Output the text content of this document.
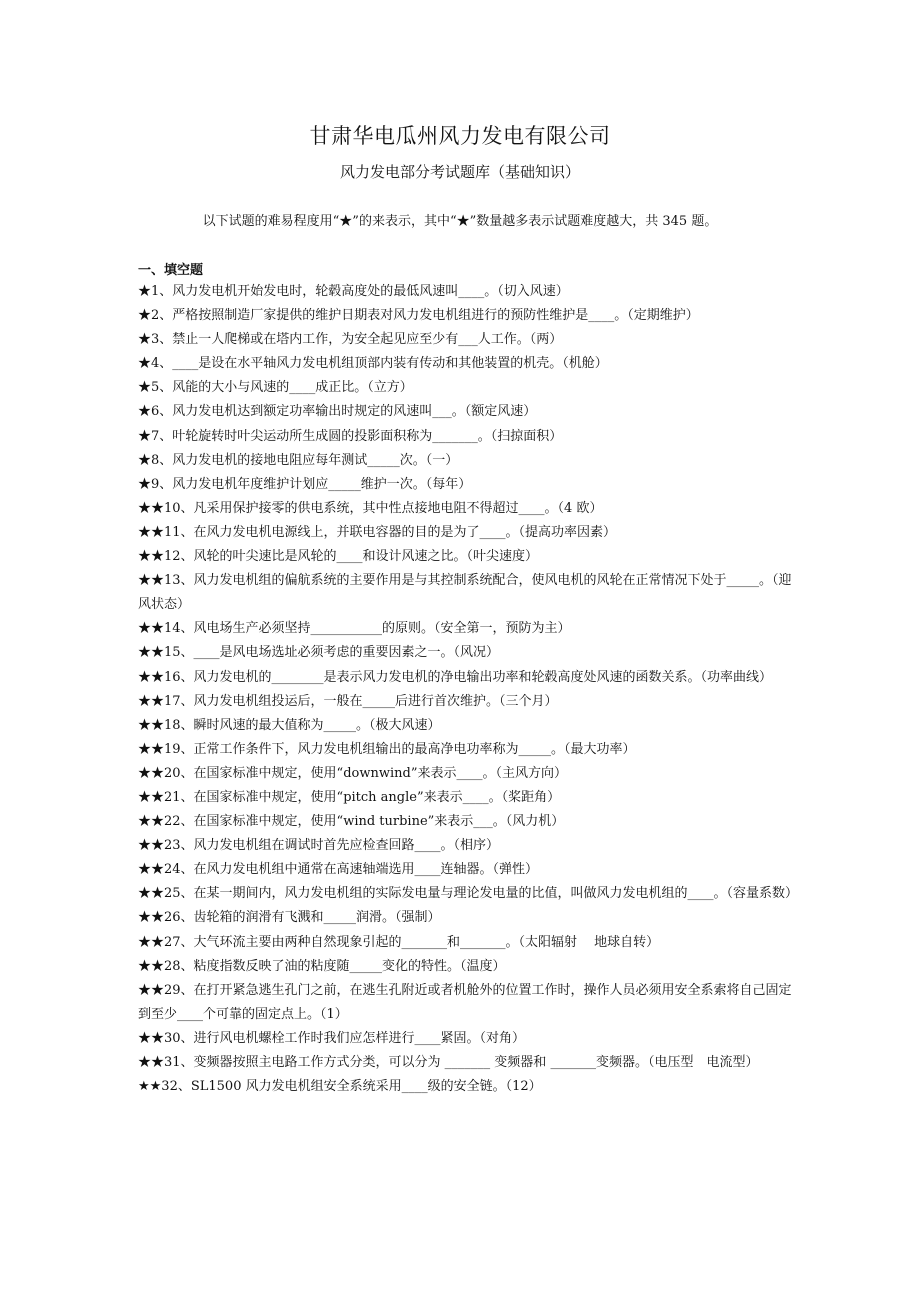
甘肃华电瓜州风力发电有限公司
风力发电部分考试题库（基础知识）

以下试题的难易程度用“★”的来表示，其中“★”数量越多表示试题难度越大，共 345 题。

一、填空题

★1、风力发电机开始发电时，轮毂高度处的最低风速叫____。（切入风速）
★2、严格按照制造厂家提供的维护日期表对风力发电机组进行的预防性维护是____。（定期维护）
★3、禁止一人爬梯或在塔内工作，为安全起见应至少有___人工作。（两）
★4、____是设在水平轴风力发电机组顶部内装有传动和其他装置的机壳。（机舱）
★5、风能的大小与风速的____成正比。（立方）
★6、风力发电机达到额定功率输出时规定的风速叫___。（额定风速）
★7、叶轮旋转时叶尖运动所生成圆的投影面积称为_______。（扫掠面积）
★8、风力发电机的接地电阻应每年测试_____次。（一）
★9、风力发电机年度维护计划应_____维护一次。（每年）
★★10、凡采用保护接零的供电系统，其中性点接地电阻不得超过____。（4 欧）
★★11、在风力发电机电源线上，并联电容器的目的是为了____。（提高功率因素）
★★12、风轮的叶尖速比是风轮的____和设计风速之比。（叶尖速度）
★★13、风力发电机组的偏航系统的主要作用是与其控制系统配合，使风电机的风轮在正常情况下处于_____。（迎风状态）
★★14、风电场生产必须坚持___________的原则。（安全第一，预防为主）
★★15、____是风电场选址必须考虑的重要因素之一。（风况）
★★16、风力发电机的________是表示风力发电机的净电输出功率和轮毂高度处风速的函数关系。（功率曲线）
★★17、风力发电机组投运后，一般在_____后进行首次维护。（三个月）
★★18、瞬时风速的最大值称为_____。（极大风速）
★★19、正常工作条件下，风力发电机组输出的最高净电功率称为_____。（最大功率）
★★20、在国家标准中规定，使用“downwind”来表示____。（主风方向）
★★21、在国家标准中规定，使用“pitch angle”来表示____。（桨距角）
★★22、在国家标准中规定，使用“wind turbine”来表示___。（风力机）
★★23、风力发电机组在调试时首先应检查回路____。（相序）
★★24、在风力发电机组中通常在高速轴端选用____连轴器。（弹性）
★★25、在某一期间内，风力发电机组的实际发电量与理论发电量的比值，叫做风力发电机组的____。（容量系数）
★★26、齿轮箱的润滑有飞溅和_____润滑。（强制）
★★27、大气环流主要由两种自然现象引起的_______和_______。（太阳辐射　 地球自转）
★★28、粘度指数反映了油的粘度随_____变化的特性。（温度）
★★29、在打开紧急逃生孔门之前，在逃生孔附近或者机舱外的位置工作时，操作人员必须用安全系索将自己固定到至少____个可靠的固定点上。（1）
★★30、进行风电机螺栓工作时我们应怎样进行____紧固。（对角）
★★31、变频器按照主电路工作方式分类，可以分为 _______ 变频器和 _______变频器。（电压型　电流型）
★★32、SL1500 风力发电机组安全系统采用____级的安全链。（12）
